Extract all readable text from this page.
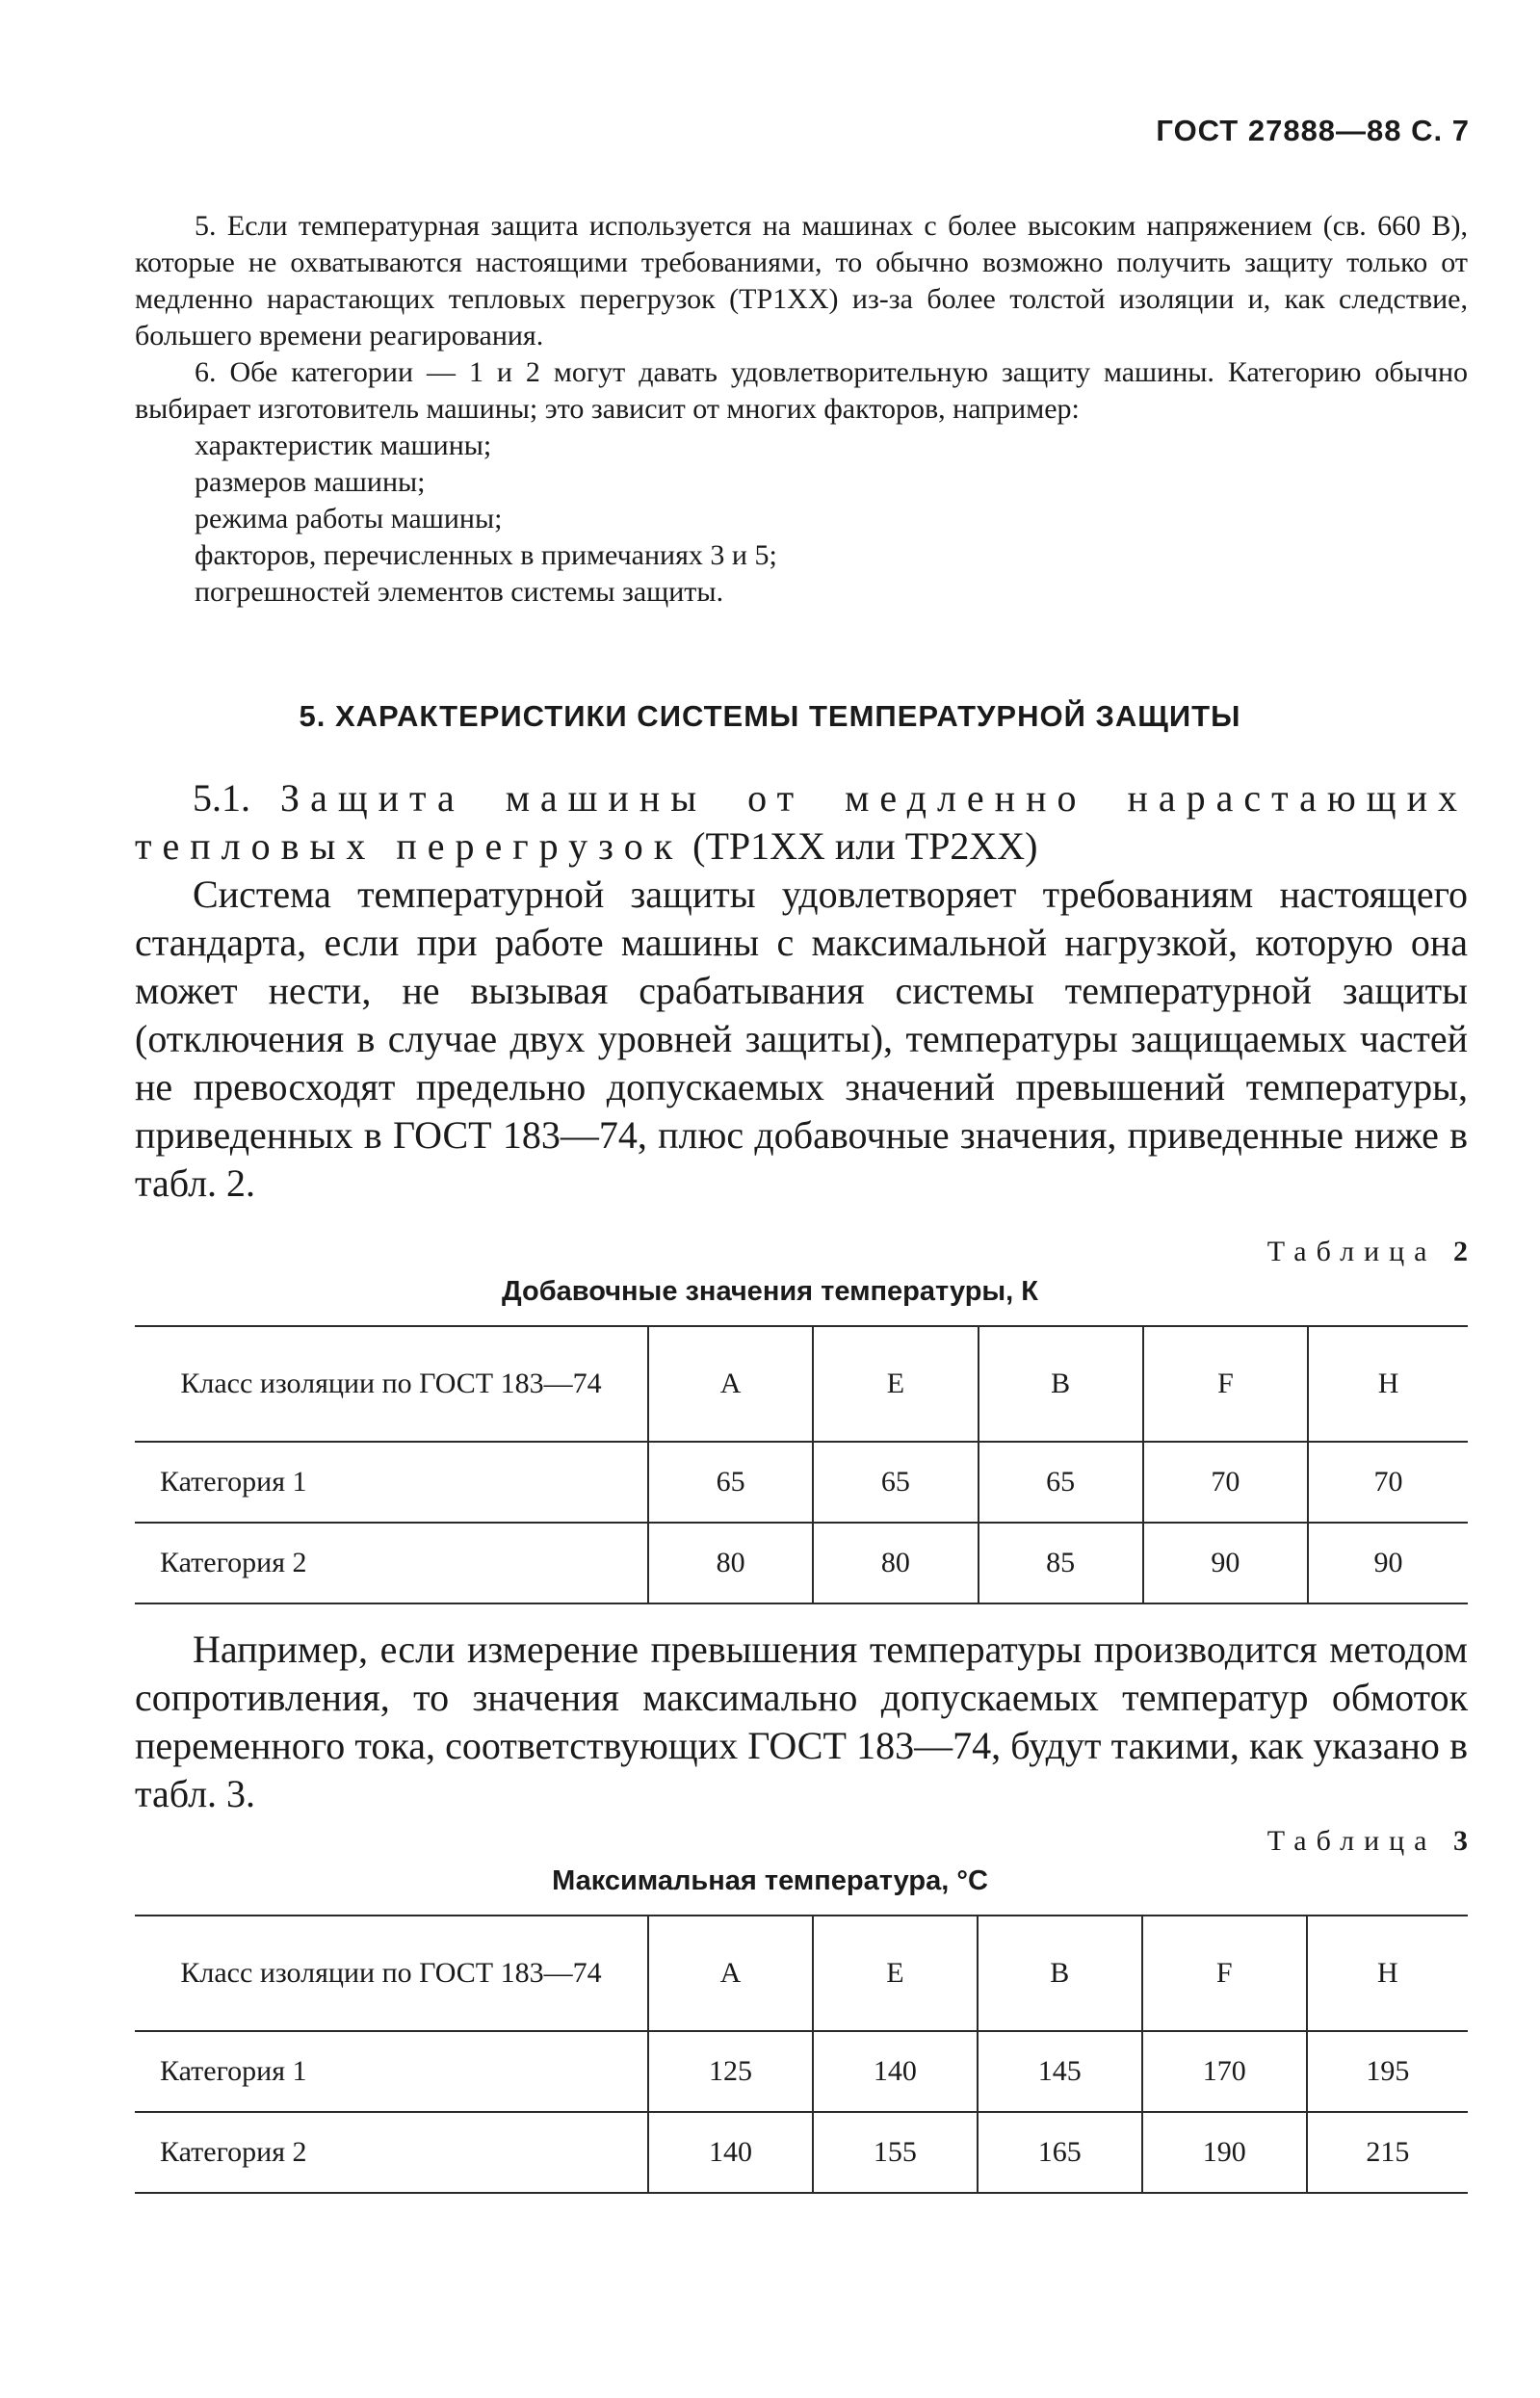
ГОСТ 27888—88 С. 7

5. Если температурная защита используется на машинах с более высоким напряжением (св. 660 В), которые не охватываются настоящими требованиями, то обычно возможно получить защиту только от медленно нарастающих тепловых перегрузок (TP1XX) из-за более толстой изоляции и, как следствие, большего времени реагирования.

6. Обе категории — 1 и 2 могут давать удовлетворительную защиту машины. Категорию обычно выбирает изготовитель машины; это зависит от многих факторов, например:

характеристик машины;
размеров машины;
режима работы машины;
факторов, перечисленных в примечаниях 3 и 5;
погрешностей элементов системы защиты.
5. ХАРАКТЕРИСТИКИ СИСТЕМЫ ТЕМПЕРАТУРНОЙ ЗАЩИТЫ

5.1. Защита машины от медленно нарастающих тепловых перегрузок (TP1XX или TP2XX)

Система температурной защиты удовлетворяет требованиям настоящего стандарта, если при работе машины с максимальной нагрузкой, которую она может нести, не вызывая срабатывания системы температурной защиты (отключения в случае двух уровней защиты), температуры защищаемых частей не превосходят предельно допускаемых значений превышений температуры, приведенных в ГОСТ 183—74, плюс добавочные значения, приведенные ниже в табл. 2.

Таблица 2
Добавочные значения температуры, К
Класс изоляции по ГОСТ 183—74	A	E	B	F	H
Категория 1	65	65	65	70	70
Категория 2	80	80	85	90	90

Например, если измерение превышения температуры производится методом сопротивления, то значения максимально допускаемых температур обмоток переменного тока, соответствующих ГОСТ 183—74, будут такими, как указано в табл. 3.

Таблица 3
Максимальная температура, °С
Класс изоляции по ГОСТ 183—74	A	E	B	F	H
Категория 1	125	140	145	170	195
Категория 2	140	155	165	190	215
